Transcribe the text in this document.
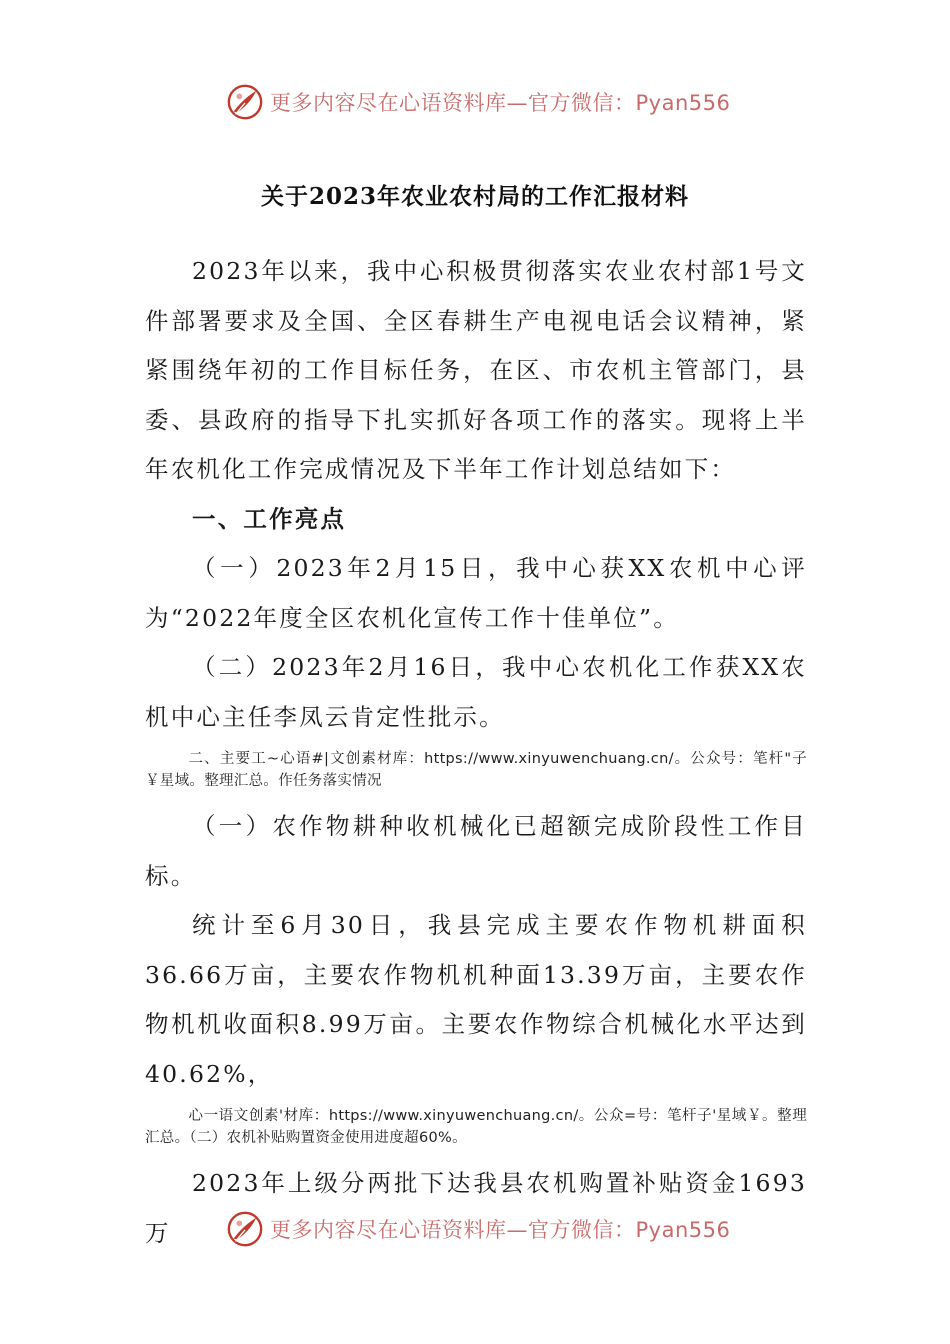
更多内容尽在心语资料库—官方微信：Pyan556
关于2023年农业农村局的工作汇报材料

2023年以来，我中心积极贯彻落实农业农村部1号文件部署要求及全国、全区春耕生产电视电话会议精神，紧紧围绕年初的工作目标任务，在区、市农机主管部门，县委、县政府的指导下扎实抓好各项工作的落实。现将上半年农机化工作完成情况及下半年工作计划总结如下：

一、工作亮点

（一）2023年2月15日，我中心获XX农机中心评为“2022年度全区农机化宣传工作十佳单位”。

（二）2023年2月16日，我中心农机化工作获XX农机中心主任李凤云肯定性批示。

二、主要工~心语#|文创素材库：https://www.xinyuwenchuang.cn/。公众号：笔杆"子￥星域。整理汇总。作任务落实情况

（一）农作物耕种收机械化已超额完成阶段性工作目标。

统计至6月30日，我县完成主要农作物机耕面积36.66万亩，主要农作物机机种面13.39万亩，主要农作物机机收面积8.99万亩。主要农作物综合机械化水平达到40.62%，

心一语文创素'材库：https://www.xinyuwenchuang.cn/。公众=号：笔杆子'星域￥。整理汇总。（二）农机补贴购置资金使用进度超60%。

2023年上级分两批下达我县农机购置补贴资金1693万	更多内容尽在心语资料库—官方微信：Pyan556
